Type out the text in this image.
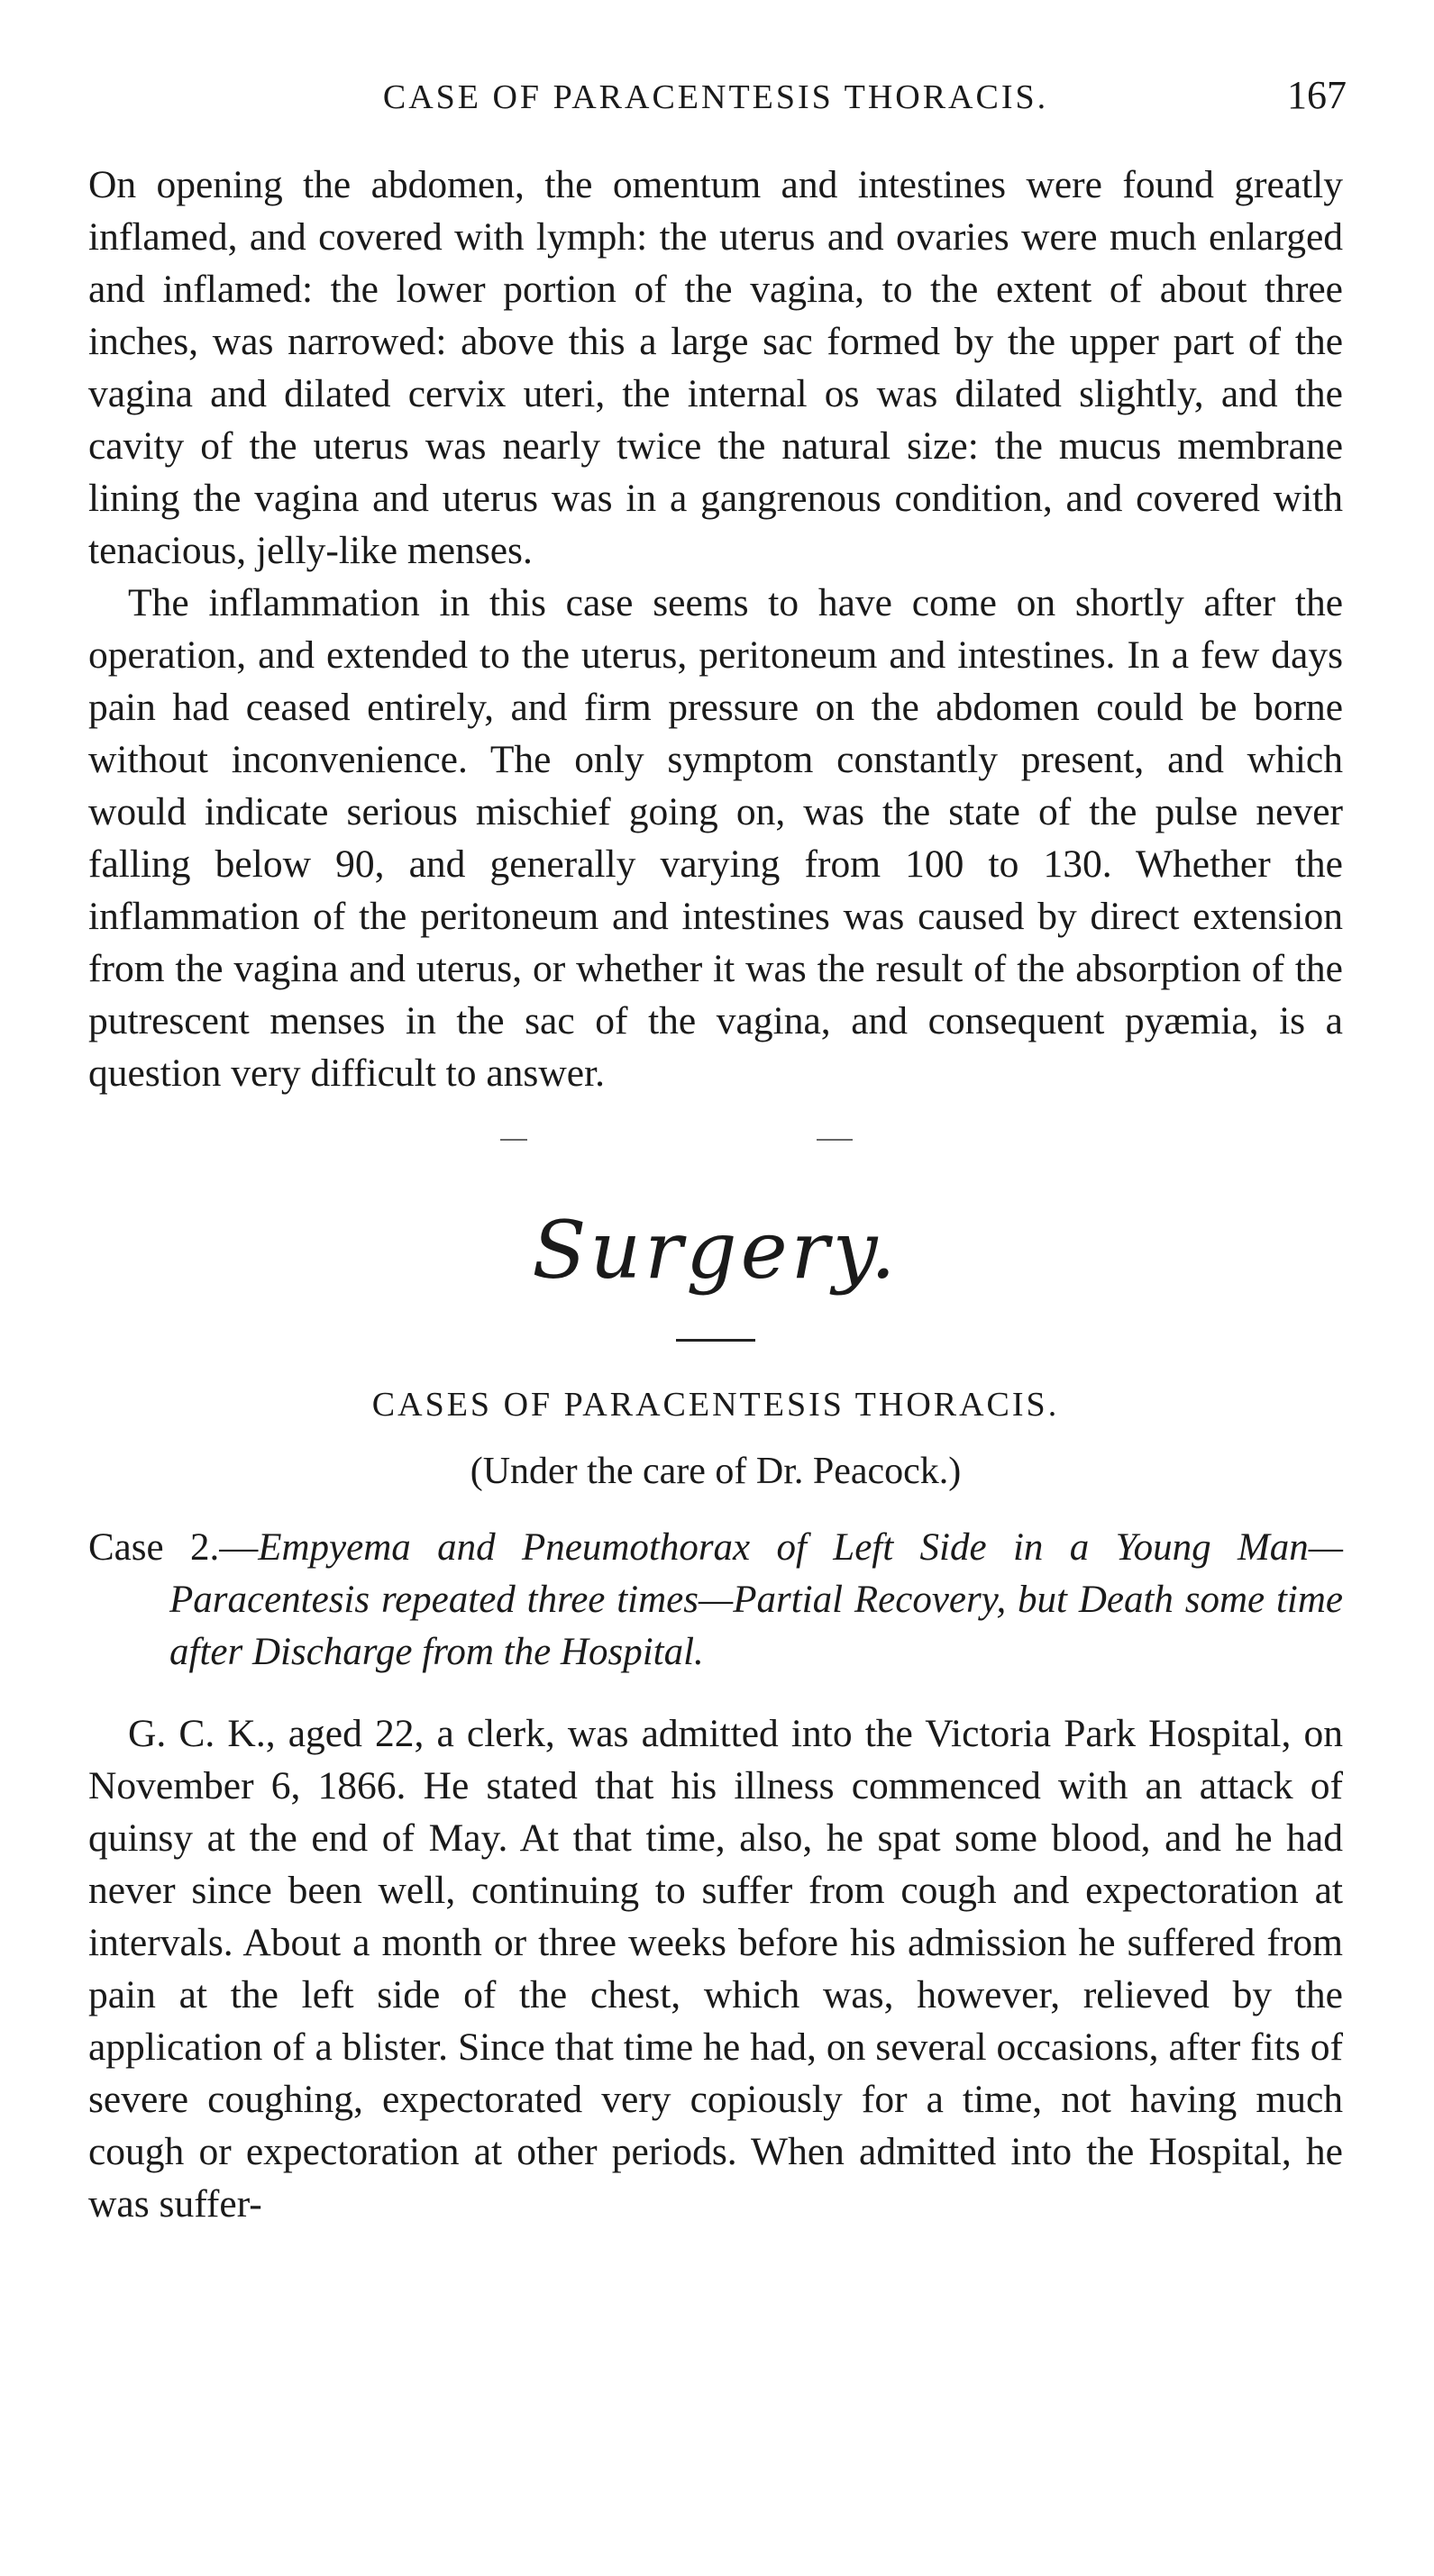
CASE OF PARACENTESIS THORACIS.	167

On opening the abdomen, the omentum and intestines were found greatly inflamed, and covered with lymph: the uterus and ovaries were much enlarged and inflamed: the lower portion of the vagina, to the extent of about three inches, was narrowed: above this a large sac formed by the upper part of the vagina and dilated cervix uteri, the internal os was dilated slightly, and the cavity of the uterus was nearly twice the natural size: the mucus membrane lining the vagina and uterus was in a gangrenous condition, and covered with tenacious, jelly-like menses.

The inflammation in this case seems to have come on shortly after the operation, and extended to the uterus, peritoneum and intestines. In a few days pain had ceased entirely, and firm pressure on the abdomen could be borne without inconvenience. The only symptom constantly present, and which would indicate serious mischief going on, was the state of the pulse never falling below 90, and generally varying from 100 to 130. Whether the inflammation of the peritoneum and intestines was caused by direct extension from the vagina and uterus, or whether it was the result of the absorption of the putrescent menses in the sac of the vagina, and consequent pyæmia, is a question very difficult to answer.

Surgery.
CASES OF PARACENTESIS THORACIS.
(Under the care of Dr. Peacock.)
Case 2.—Empyema and Pneumothorax of Left Side in a Young Man—Paracentesis repeated three times—Partial Recovery, but Death some time after Discharge from the Hospital.

G. C. K., aged 22, a clerk, was admitted into the Victoria Park Hospital, on November 6, 1866. He stated that his illness commenced with an attack of quinsy at the end of May. At that time, also, he spat some blood, and he had never since been well, continuing to suffer from cough and expectoration at intervals. About a month or three weeks before his admission he suffered from pain at the left side of the chest, which was, however, relieved by the application of a blister. Since that time he had, on several occasions, after fits of severe coughing, expectorated very copiously for a time, not having much cough or expectoration at other periods. When admitted into the Hospital, he was suffer-
